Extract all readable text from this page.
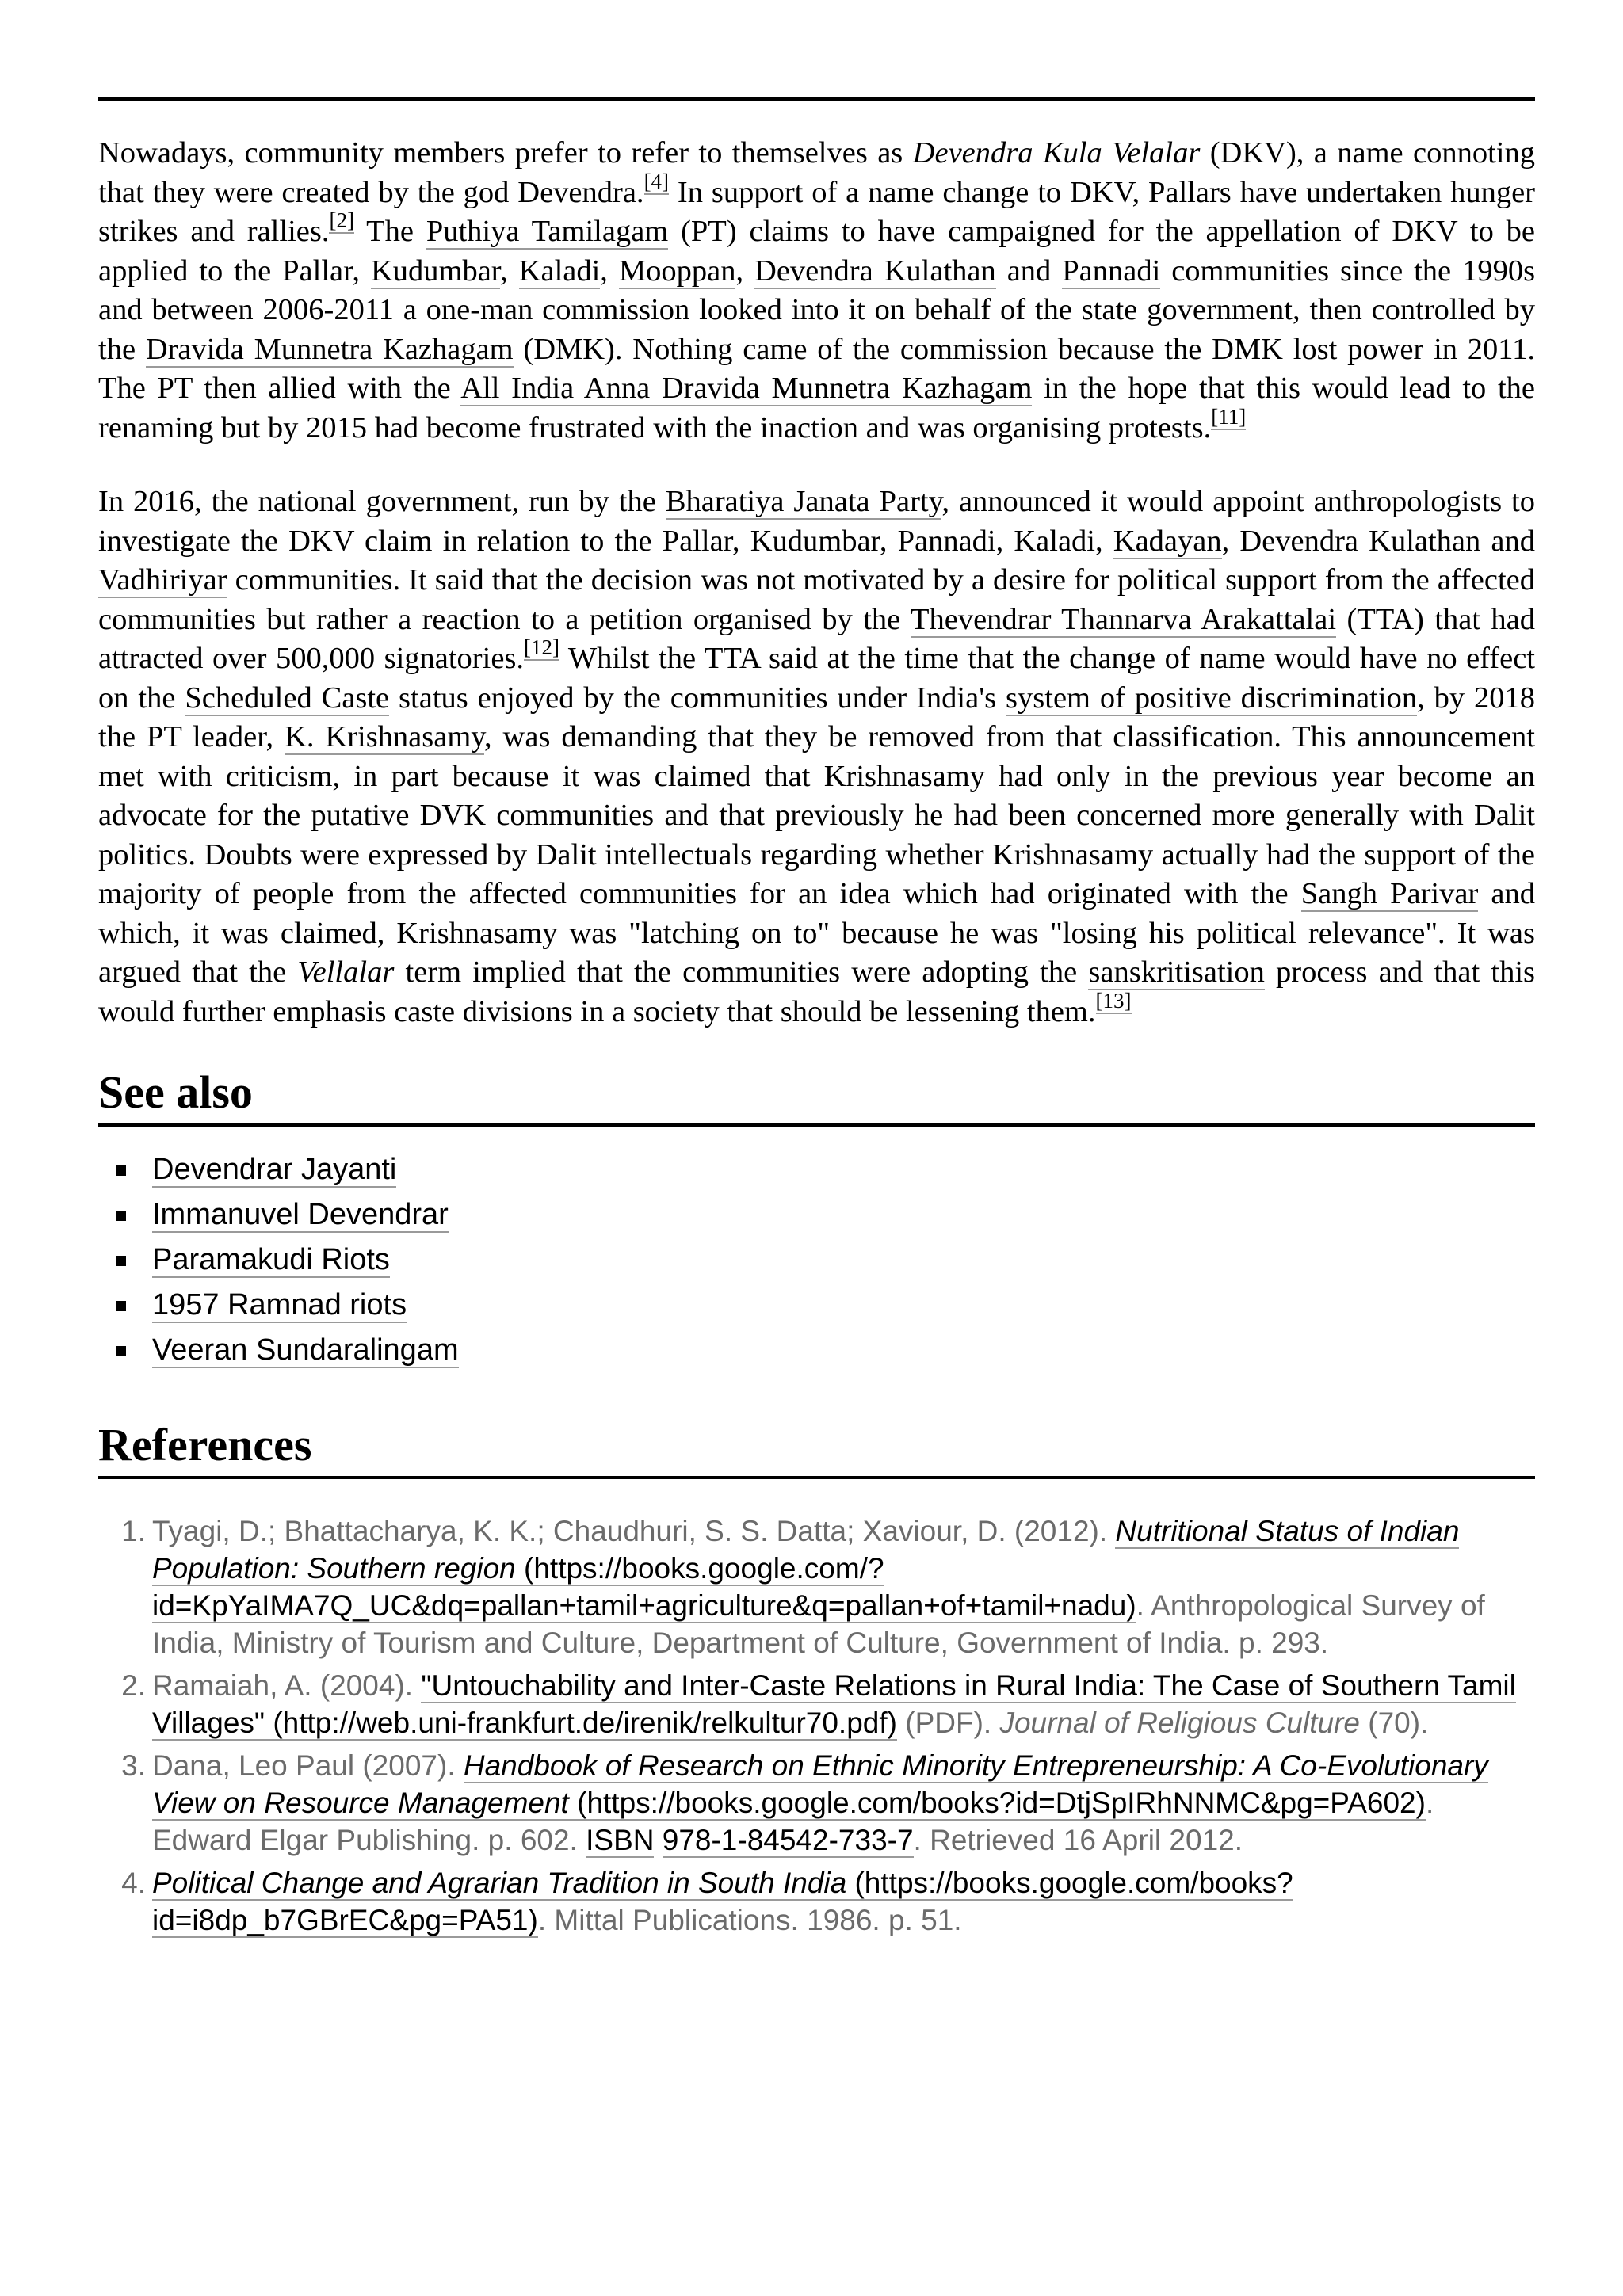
Nowadays, community members prefer to refer to themselves as Devendra Kula Velalar (DKV), a name connoting that they were created by the god Devendra.[4] In support of a name change to DKV, Pallars have undertaken hunger strikes and rallies.[2] The Puthiya Tamilagam (PT) claims to have campaigned for the appellation of DKV to be applied to the Pallar, Kudumbar, Kaladi, Mooppan, Devendra Kulathan and Pannadi communities since the 1990s and between 2006-2011 a one-man commission looked into it on behalf of the state government, then controlled by the Dravida Munnetra Kazhagam (DMK). Nothing came of the commission because the DMK lost power in 2011. The PT then allied with the All India Anna Dravida Munnetra Kazhagam in the hope that this would lead to the renaming but by 2015 had become frustrated with the inaction and was organising protests.[11]

In 2016, the national government, run by the Bharatiya Janata Party, announced it would appoint anthropologists to investigate the DKV claim in relation to the Pallar, Kudumbar, Pannadi, Kaladi, Kadayan, Devendra Kulathan and Vadhiriyar communities. It said that the decision was not motivated by a desire for political support from the affected communities but rather a reaction to a petition organised by the Thevendrar Thannarva Arakattalai (TTA) that had attracted over 500,000 signatories.[12] Whilst the TTA said at the time that the change of name would have no effect on the Scheduled Caste status enjoyed by the communities under India's system of positive discrimination, by 2018 the PT leader, K. Krishnasamy, was demanding that they be removed from that classification. This announcement met with criticism, in part because it was claimed that Krishnasamy had only in the previous year become an advocate for the putative DVK communities and that previously he had been concerned more generally with Dalit politics. Doubts were expressed by Dalit intellectuals regarding whether Krishnasamy actually had the support of the majority of people from the affected communities for an idea which had originated with the Sangh Parivar and which, it was claimed, Krishnasamy was "latching on to" because he was "losing his political relevance". It was argued that the Vellalar term implied that the communities were adopting the sanskritisation process and that this would further emphasis caste divisions in a society that should be lessening them.[13]

See also
Devendrar Jayanti
Immanuvel Devendrar
Paramakudi Riots
1957 Ramnad riots
Veeran Sundaralingam
References
1. Tyagi, D.; Bhattacharya, K. K.; Chaudhuri, S. S. Datta; Xaviour, D. (2012). Nutritional Status of Indian Population: Southern region (https://books.google.com/?id=KpYaIMA7Q_UC&dq=pallan+tamil+agriculture&q=pallan+of+tamil+nadu). Anthropological Survey of India, Ministry of Tourism and Culture, Department of Culture, Government of India. p. 293.
2. Ramaiah, A. (2004). "Untouchability and Inter-Caste Relations in Rural India: The Case of Southern Tamil Villages" (http://web.uni-frankfurt.de/irenik/relkultur70.pdf) (PDF). Journal of Religious Culture (70).
3. Dana, Leo Paul (2007). Handbook of Research on Ethnic Minority Entrepreneurship: A Co-Evolutionary View on Resource Management (https://books.google.com/books?id=DtjSpIRhNNMC&pg=PA602). Edward Elgar Publishing. p. 602. ISBN 978-1-84542-733-7. Retrieved 16 April 2012.
4. Political Change and Agrarian Tradition in South India (https://books.google.com/books?id=i8dp_b7GBrEC&pg=PA51). Mittal Publications. 1986. p. 51.
